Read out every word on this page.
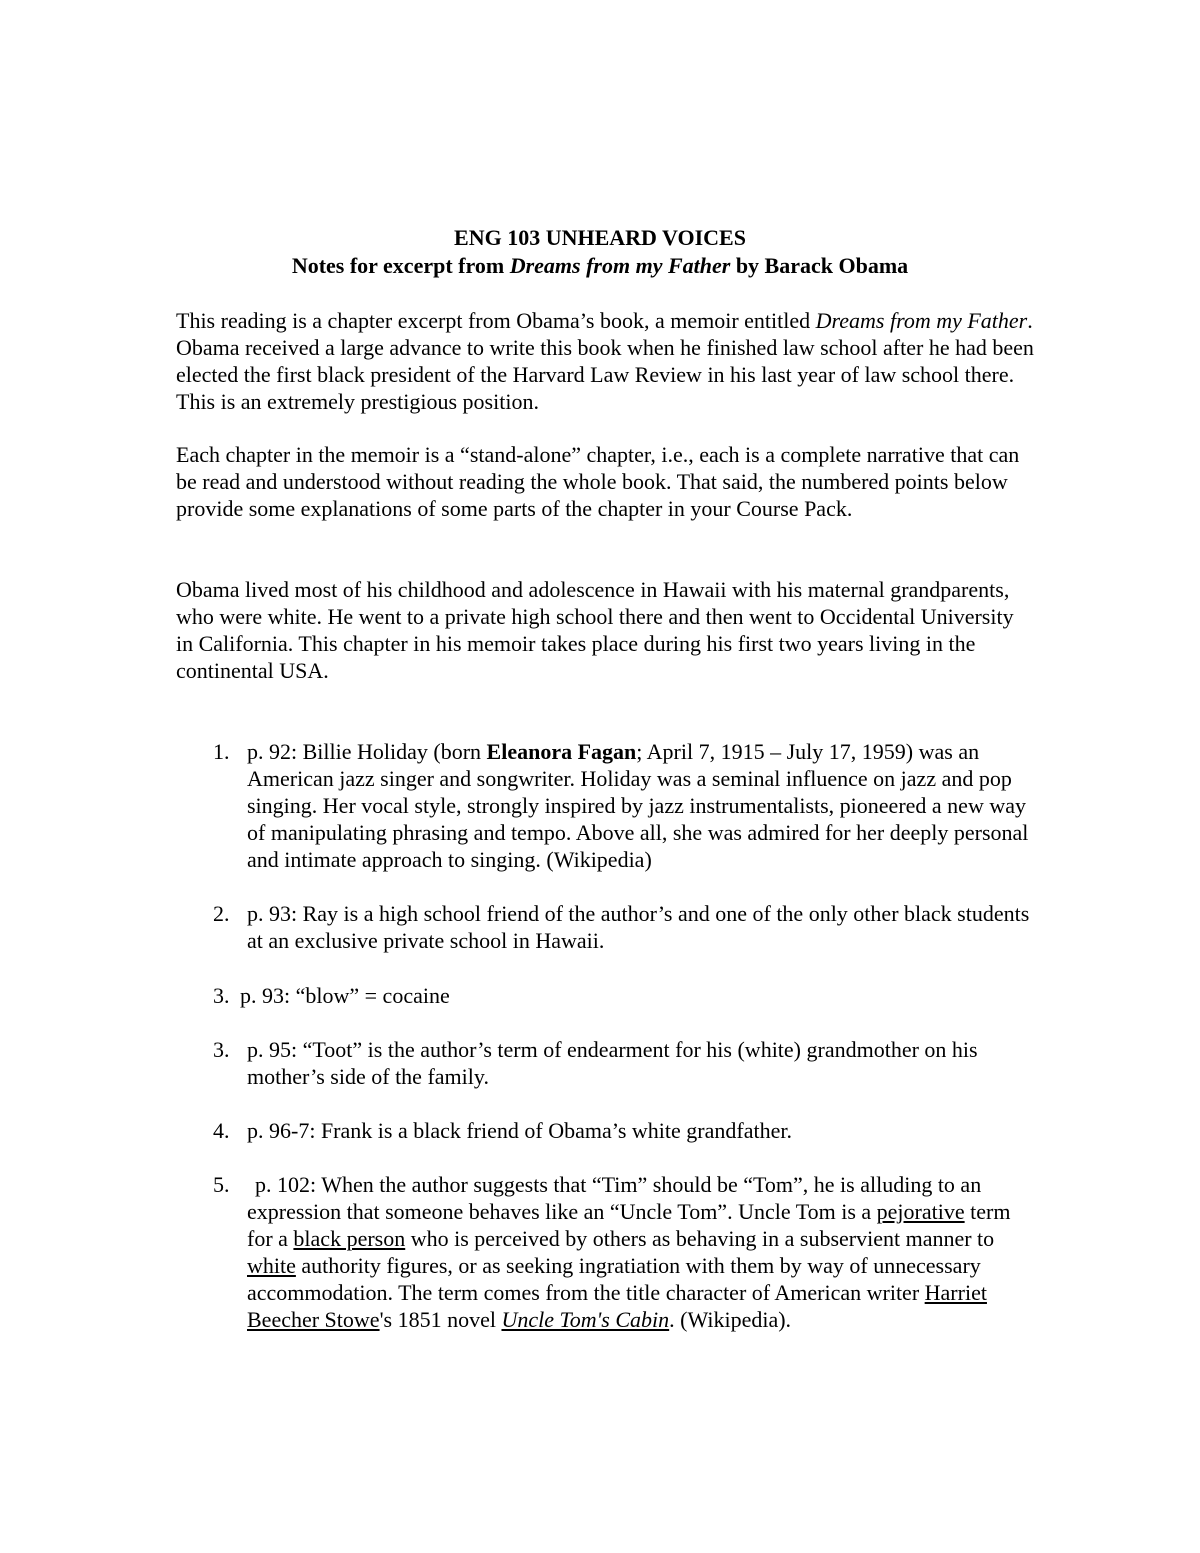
ENG 103 UNHEARD VOICES
Notes for excerpt from Dreams from my Father by Barack Obama

This reading is a chapter excerpt from Obama’s book, a memoir entitled Dreams from my Father. Obama received a large advance to write this book when he finished law school after he had been elected the first black president of the Harvard Law Review in his last year of law school there. This is an extremely prestigious position.

Each chapter in the memoir is a “stand-alone” chapter, i.e., each is a complete narrative that can be read and understood without reading the whole book. That said, the numbered points below provide some explanations of some parts of the chapter in your Course Pack.

Obama lived most of his childhood and adolescence in Hawaii with his maternal grandparents, who were white. He went to a private high school there and then went to Occidental University in California. This chapter in his memoir takes place during his first two years living in the continental USA.

1. p. 92: Billie Holiday (born Eleanora Fagan; April 7, 1915 – July 17, 1959) was an American jazz singer and songwriter. Holiday was a seminal influence on jazz and pop singing. Her vocal style, strongly inspired by jazz instrumentalists, pioneered a new way of manipulating phrasing and tempo. Above all, she was admired for her deeply personal and intimate approach to singing. (Wikipedia)
2. p. 93: Ray is a high school friend of the author’s and one of the only other black students at an exclusive private school in Hawaii.
3. p. 93: “blow” = cocaine
3. p. 95: “Toot” is the author’s term of endearment for his (white) grandmother on his mother’s side of the family.
4. p. 96-7: Frank is a black friend of Obama’s white grandfather.
5.	p. 102: When the author suggests that “Tim” should be “Tom”, he is alluding to an expression that someone behaves like an “Uncle Tom”. Uncle Tom is a pejorative term for a black person who is perceived by others as behaving in a subservient manner to white authority figures, or as seeking ingratiation with them by way of unnecessary accommodation. The term comes from the title character of American writer Harriet Beecher Stowe's 1851 novel Uncle Tom's Cabin. (Wikipedia).
